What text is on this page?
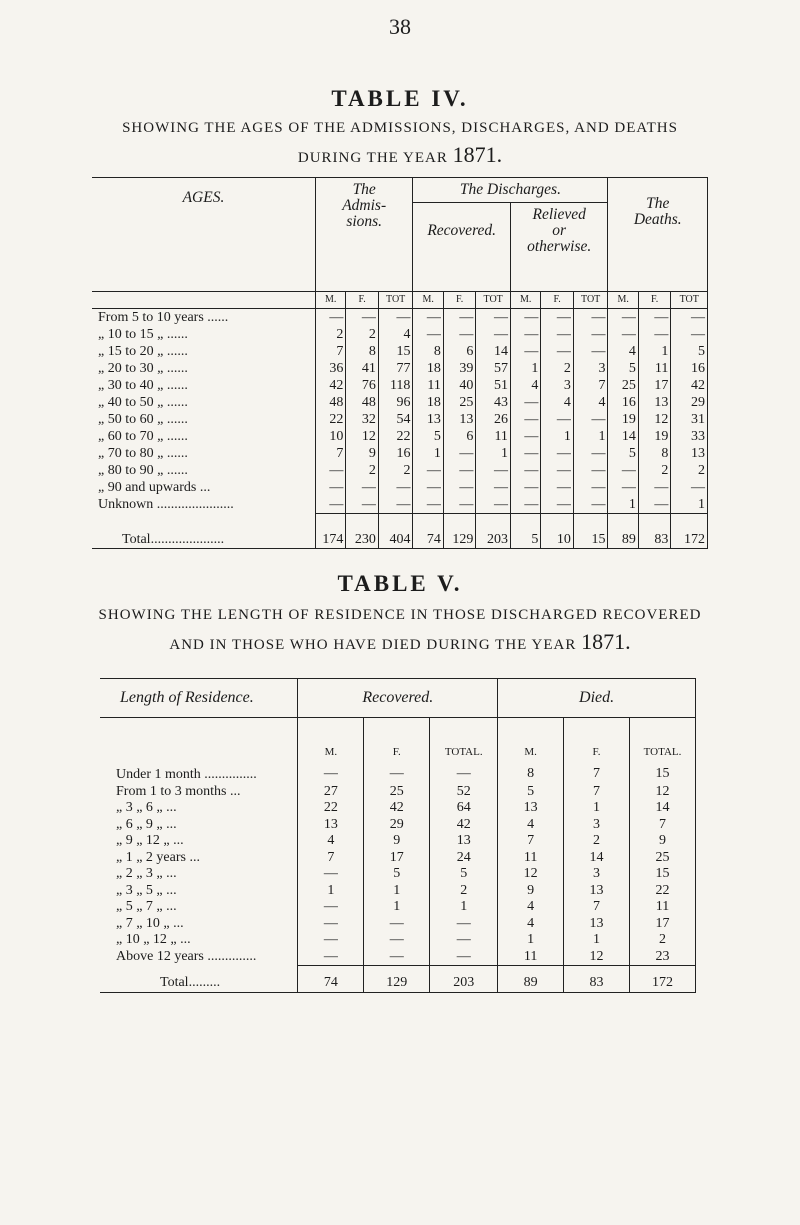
38
TABLE IV.
SHOWING THE AGES OF THE ADMISSIONS, DISCHARGES, AND DEATHS
DURING THE YEAR 1871.
AGES.	The
Admis-
sions.			The Discharges.						The
Deaths.		
				Recovered.			Relieved
or
otherwise.					
	M.	F.	TOT	M.	F.	TOT	M.	F.	TOT	M.	F.	TOT
From 5 to 10 years ......	—	—	—	—	—	—	—	—	—	—	—	—
„ 10 to 15 „ ......	2	2	4	—	—	—	—	—	—	—	—	—
„ 15 to 20 „ ......	7	8	15	8	6	14	—	—	—	4	1	5
„ 20 to 30 „ ......	36	41	77	18	39	57	1	2	3	5	11	16
„ 30 to 40 „ ......	42	76	118	11	40	51	4	3	7	25	17	42
„ 40 to 50 „ ......	48	48	96	18	25	43	—	4	4	16	13	29
„ 50 to 60 „ ......	22	32	54	13	13	26	—	—	—	19	12	31
„ 60 to 70 „ ......	10	12	22	5	6	11	—	1	1	14	19	33
„ 70 to 80 „ ......	7	9	16	1	—	1	—	—	—	5	8	13
„ 80 to 90 „ ......	—	2	2	—	—	—	—	—	—	—	2	2
„ 90 and upwards ...	—	—	—	—	—	—	—	—	—	—	—	—
Unknown ......................	—	—	—	—	—	—	—	—	—	1	—	1
Total.....................	174	230	404	74	129	203	5	10	15	89	83	172
TABLE V.
SHOWING THE LENGTH OF RESIDENCE IN THOSE DISCHARGED RECOVERED
AND IN THOSE WHO HAVE DIED DURING THE YEAR 1871.
Length of Residence.	Recovered.			Died.		
	M.	F.	TOTAL.	M.	F.	TOTAL.
Under 1 month ...............	—	—	—	8	7	15
From 1 to 3 months ...	27	25	52	5	7	12
„ 3 „ 6 „ ...	22	42	64	13	1	14
„ 6 „ 9 „ ...	13	29	42	4	3	7
„ 9 „ 12 „ ...	4	9	13	7	2	9
„ 1 „ 2 years ...	7	17	24	11	14	25
„ 2 „ 3 „ ...	—	5	5	12	3	15
„ 3 „ 5 „ ...	1	1	2	9	13	22
„ 5 „ 7 „ ...	—	1	1	4	7	11
„ 7 „ 10 „ ...	—	—	—	4	13	17
„ 10 „ 12 „ ...	—	—	—	1	1	2
Above 12 years ..............	—	—	—	11	12	23
Total.........	74	129	203	89	83	172
